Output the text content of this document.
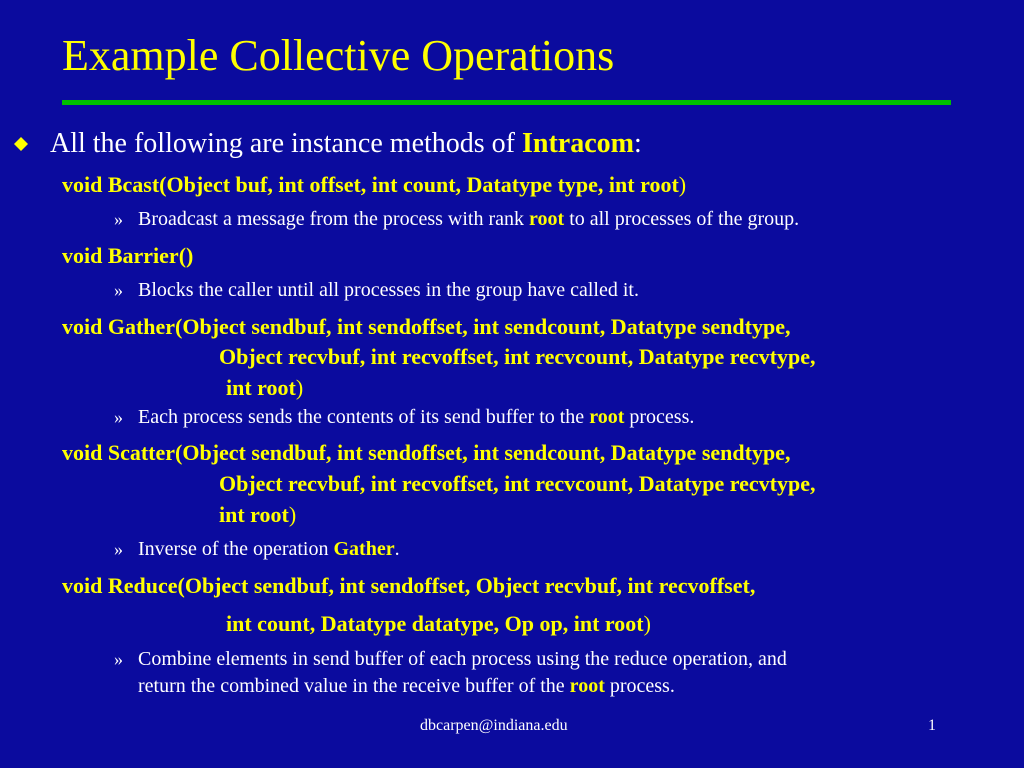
Example Collective Operations
All the following are instance methods of Intracom:
void Bcast(Object buf, int offset, int count, Datatype type, int root)
» Broadcast a message from the process with rank root to all processes of the group.
void Barrier()
» Blocks the caller until all processes in the group have called it.
void Gather(Object sendbuf, int sendoffset, int sendcount, Datatype sendtype,
Object recvbuf, int recvoffset, int recvcount, Datatype recvtype,
int root)
» Each process sends the contents of its send buffer to the root process.
void Scatter(Object sendbuf, int sendoffset, int sendcount, Datatype sendtype,
Object recvbuf, int recvoffset, int recvcount, Datatype recvtype,
int root)
» Inverse of the operation Gather.
void Reduce(Object sendbuf, int sendoffset, Object recvbuf, int recvoffset,
int count, Datatype datatype, Op op, int root)
» Combine elements in send buffer of each process using the reduce operation, and
return the combined value in the receive buffer of the root process.
dbcarpen@indiana.edu	1
